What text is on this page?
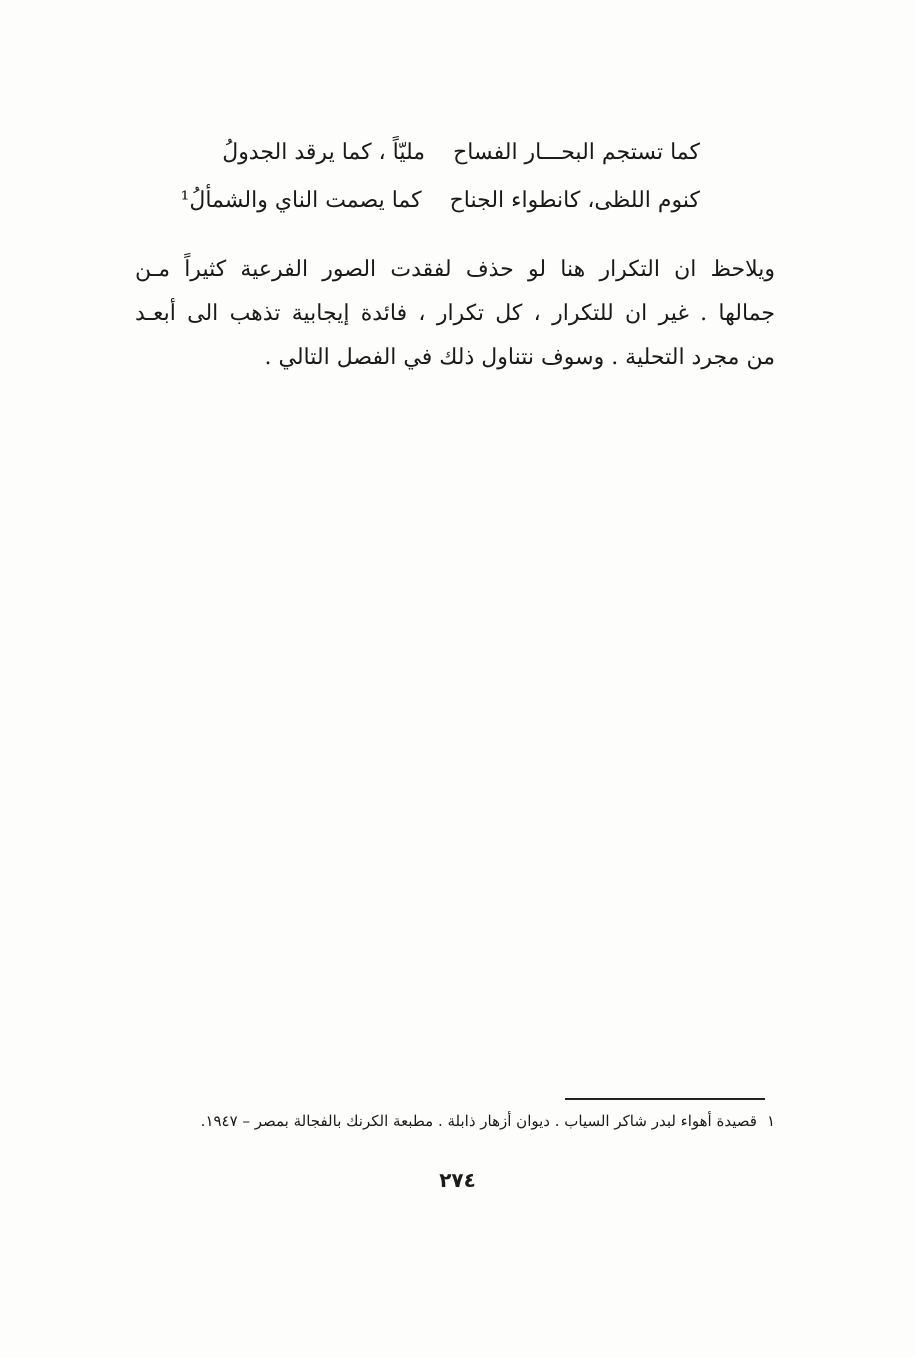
كما تستجم البحـــار الفساحمليّاً ، كما يرقد الجدولُ
كنوم اللظى، كانطواء الجناحكما يصمت الناي والشمألُ¹
ويلاحظ ان التكرار هنا لو حذف لفقدت الصور الفرعية كثيراً مـن
جمالها . غير ان للتكرار ، كل تكرار ، فائدة إيجابية تذهب الى أبعـد
من مجرد التحلية . وسوف نتناول ذلك في الفصل التالي .
١قصيدة أهواء لبدر شاكر السياب . ديوان أزهار ذابلة . مطبعة الكرنك بالفجالة بمصر – ١٩٤٧.
٢٧٤
